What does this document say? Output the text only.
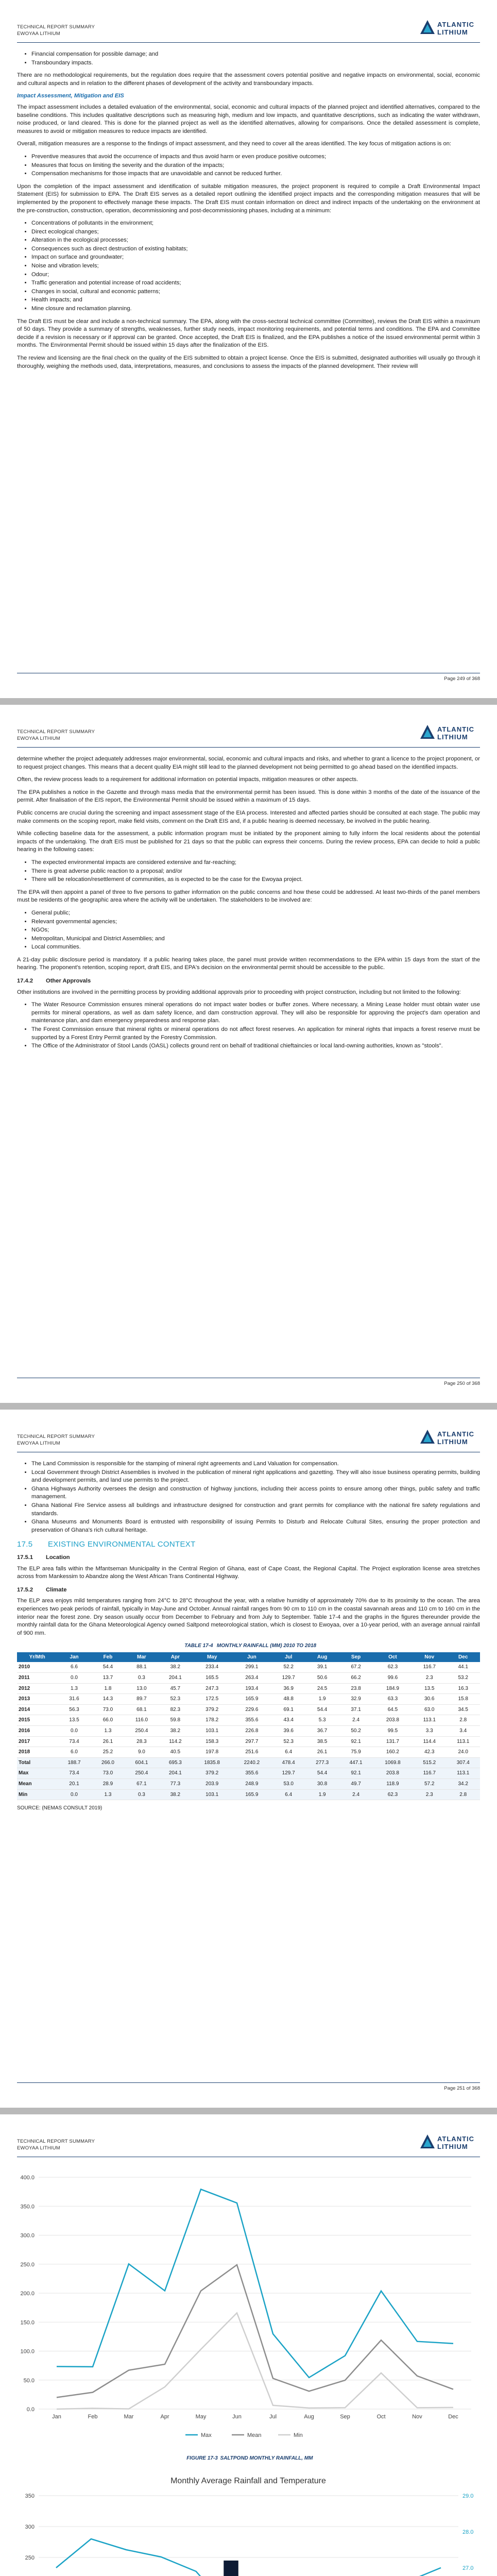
TECHNICAL REPORT SUMMARY
EWOYAA LITHIUM
ATLANTIC
LITHIUM
• Financial compensation for possible damage; and
• Transboundary impacts.

There are no methodological requirements, but the regulation does require that the assessment covers potential positive and negative impacts on environmental, social, economic and cultural aspects and in relation to the different phases of development of the activity and transboundary impacts.

Impact Assessment, Mitigation and EIS

The impact assessment includes a detailed evaluation of the environmental, social, economic and cultural impacts of the planned project and identified alternatives, compared to the baseline conditions. This includes qualitative descriptions such as measuring high, medium and low impacts, and quantitative descriptions, such as indicating the water withdrawn, noise produced, or land cleared. This is done for the planned project as well as the identified alternatives, allowing for comparisons. Once the detailed assessment is complete, measures to avoid or mitigation measures to reduce impacts are identified.

Overall, mitigation measures are a response to the findings of impact assessment, and they need to cover all the areas identified. The key focus of mitigation actions is on:

• Preventive measures that avoid the occurrence of impacts and thus avoid harm or even produce positive outcomes;
• Measures that focus on limiting the severity and the duration of the impacts;
• Compensation mechanisms for those impacts that are unavoidable and cannot be reduced further.

Upon the completion of the impact assessment and identification of suitable mitigation measures, the project proponent is required to compile a Draft Environmental Impact Statement (EIS) for submission to EPA. The Draft EIS serves as a detailed report outlining the identified project impacts and the corresponding mitigation measures that will be implemented by the proponent to effectively manage these impacts. The Draft EIS must contain information on direct and indirect impacts of the undertaking on the environment at the pre-construction, construction, operation, decommissioning and post-decommissioning phases, including at a minimum:

• Concentrations of pollutants in the environment;
• Direct ecological changes;
• Alteration in the ecological processes;
• Consequences such as direct destruction of existing habitats;
• Impact on surface and groundwater;
• Noise and vibration levels;
• Odour;
• Traffic generation and potential increase of road accidents;
• Changes in social, cultural and economic patterns;
• Health impacts; and
• Mine closure and reclamation planning.

The Draft EIS must be clear and include a non-technical summary. The EPA, along with the cross-sectoral technical committee (Committee), reviews the Draft EIS within a maximum of 50 days. They provide a summary of strengths, weaknesses, further study needs, impact monitoring requirements, and potential terms and conditions. The EPA and Committee decide if a revision is necessary or if approval can be granted. Once accepted, the Draft EIS is finalized, and the EPA publishes a notice of the issued environmental permit within 3 months. The Environmental Permit should be issued within 15 days after the finalization of the EIS.

The review and licensing are the final check on the quality of the EIS submitted to obtain a project license. Once the EIS is submitted, designated authorities will usually go through it thoroughly, weighing the methods used, data, interpretations, measures, and conclusions to assess the impacts of the planned development. Their review will

Page 249 of 368
TECHNICAL REPORT SUMMARY
EWOYAA LITHIUM
ATLANTIC
LITHIUM

determine whether the project adequately addresses major environmental, social, economic and cultural impacts and risks, and whether to grant a licence to the project proponent, or to request project changes. This means that a decent quality EIA might still lead to the planned development not being permitted to go ahead based on the identified impacts.

Often, the review process leads to a requirement for additional information on potential impacts, mitigation measures or other aspects.

The EPA publishes a notice in the Gazette and through mass media that the environmental permit has been issued. This is done within 3 months of the date of the issuance of the permit. After finalisation of the EIS report, the Environmental Permit should be issued within a maximum of 15 days.

Public concerns are crucial during the screening and impact assessment stage of the EIA process. Interested and affected parties should be consulted at each stage. The public may make comments on the scoping report, make field visits, comment on the Draft EIS and, if a public hearing is deemed necessary, be involved in the public hearing.

While collecting baseline data for the assessment, a public information program must be initiated by the proponent aiming to fully inform the local residents about the potential impacts of the undertaking. The draft EIS must be published for 21 days so that the public can express their concerns. During the review process, EPA can decide to hold a public hearing in the following cases:

• The expected environmental impacts are considered extensive and far-reaching;
• There is great adverse public reaction to a proposal; and/or
• There will be relocation/resettlement of communities, as is expected to be the case for the Ewoyaa project.

The EPA will then appoint a panel of three to five persons to gather information on the public concerns and how these could be addressed. At least two-thirds of the panel members must be residents of the geographic area where the activity will be undertaken. The stakeholders to be involved are:

• General public;
• Relevant governmental agencies;
• NGOs;
• Metropolitan, Municipal and District Assemblies; and
• Local communities.

A 21-day public disclosure period is mandatory. If a public hearing takes place, the panel must provide written recommendations to the EPA within 15 days from the start of the hearing. The proponent's retention, scoping report, draft EIS, and EPA's decision on the environmental permit should be accessible to the public.

17.4.2 Other Approvals

Other institutions are involved in the permitting process by providing additional approvals prior to proceeding with project construction, including but not limited to the following:

• The Water Resource Commission ensures mineral operations do not impact water bodies or buffer zones. Where necessary, a Mining Lease holder must obtain water use permits for mineral operations, as well as dam safety licence, and dam construction approval. They will also be responsible for approving the project's dam operation and maintenance plan, and dam emergency preparedness and response plan.
• The Forest Commission ensure that mineral rights or mineral operations do not affect forest reserves. An application for mineral rights that impacts a forest reserve must be supported by a Forest Entry Permit granted by the Forestry Commission.
• The Office of the Administrator of Stool Lands (OASL) collects ground rent on behalf of traditional chieftaincies or local land-owning authorities, known as "stools".
Page 250 of 368
TECHNICAL REPORT SUMMARY
EWOYAA LITHIUM
ATLANTIC
LITHIUM
• The Land Commission is responsible for the stamping of mineral right agreements and Land Valuation for compensation.
• Local Government through District Assemblies is involved in the publication of mineral right applications and gazetting. They will also issue business operating permits, building and development permits, and land use permits to the project.
• Ghana Highways Authority oversees the design and construction of highway junctions, including their access points to ensure among other things, public safety and traffic management.
• Ghana National Fire Service assess all buildings and infrastructure designed for construction and grant permits for compliance with the national fire safety regulations and standards.
• Ghana Museums and Monuments Board is entrusted with responsibility of issuing Permits to Disturb and Relocate Cultural Sites, ensuring the proper protection and preservation of Ghana's rich cultural heritage.
17.5 EXISTING ENVIRONMENTAL CONTEXT
17.5.1 Location

The ELP area falls within the Mfantseman Municipality in the Central Region of Ghana, east of Cape Coast, the Regional Capital. The Project exploration license area stretches across from Mankessim to Abandze along the West African Trans Continental Highway.

17.5.2 Climate

The ELP area enjoys mild temperatures ranging from 24°C to 28°C throughout the year, with a relative humidity of approximately 70% due to its proximity to the ocean. The area experiences two peak periods of rainfall, typically in May-June and October. Annual rainfall ranges from 90 cm to 110 cm in the coastal savannah areas and 110 cm to 160 cm in the interior near the forest zone. Dry season usually occur from December to February and from July to September. Table 17-4 and the graphs in the figures thereunder provide the monthly rainfall data for the Ghana Meteorological Agency owned Saltpond meteorological station, which is closest to Ewoyaa, over a 10-year period, with an average annual rainfall of 900 mm.

TABLE 17-4 MONTHLY RAINFALL (MM) 2010 TO 2018
Yr/Mth	Jan	Feb	Mar	Apr	May	Jun	Jul	Aug	Sep	Oct	Nov	Dec
2010	6.6	54.4	88.1	38.2	233.4	299.1	52.2	39.1	67.2	62.3	116.7	44.1
2011	0.0	13.7	0.3	204.1	165.5	263.4	129.7	50.6	66.2	99.6	2.3	53.2
2012	1.3	1.8	13.0	45.7	247.3	193.4	36.9	24.5	23.8	184.9	13.5	16.3
2013	31.6	14.3	89.7	52.3	172.5	165.9	48.8	1.9	32.9	63.3	30.6	15.8
2014	56.3	73.0	68.1	82.3	379.2	229.6	69.1	54.4	37.1	64.5	63.0	34.5
2015	13.5	66.0	116.0	59.8	178.2	355.6	43.4	5.3	2.4	203.8	113.1	2.8
2016	0.0	1.3	250.4	38.2	103.1	226.8	39.6	36.7	50.2	99.5	3.3	3.4
2017	73.4	26.1	28.3	114.2	158.3	297.7	52.3	38.5	92.1	131.7	114.4	113.1
2018	6.0	25.2	9.0	40.5	197.8	251.6	6.4	26.1	75.9	160.2	42.3	24.0
Total	188.7	266.0	604.1	695.3	1835.8	2240.2	478.4	277.3	447.1	1069.8	515.2	307.4
Max	73.4	73.0	250.4	204.1	379.2	355.6	129.7	54.4	92.1	203.8	116.7	113.1
Mean	20.1	28.9	67.1	77.3	203.9	248.9	53.0	30.8	49.7	118.9	57.2	34.2
Min	0.0	1.3	0.3	38.2	103.1	165.9	6.4	1.9	2.4	62.3	2.3	2.8
SOURCE: (NEMAS CONSULT 2019)
Page 251 of 368
TECHNICAL REPORT SUMMARY
EWOYAA LITHIUM
ATLANTIC
LITHIUM
0.0
50.0
100.0
150.0
200.0
250.0
300.0
350.0
400.0
Jan	Feb	Mar	Apr	May	Jun	Jul	Aug	Sep	Oct	Nov	Dec
Max	Mean	Min
FIGURE 17-3 SALTPOND MONTHLY RAINFALL, MM
Monthly Average Rainfall and Temperature
250
300
350
27.0
28.0
29.0
